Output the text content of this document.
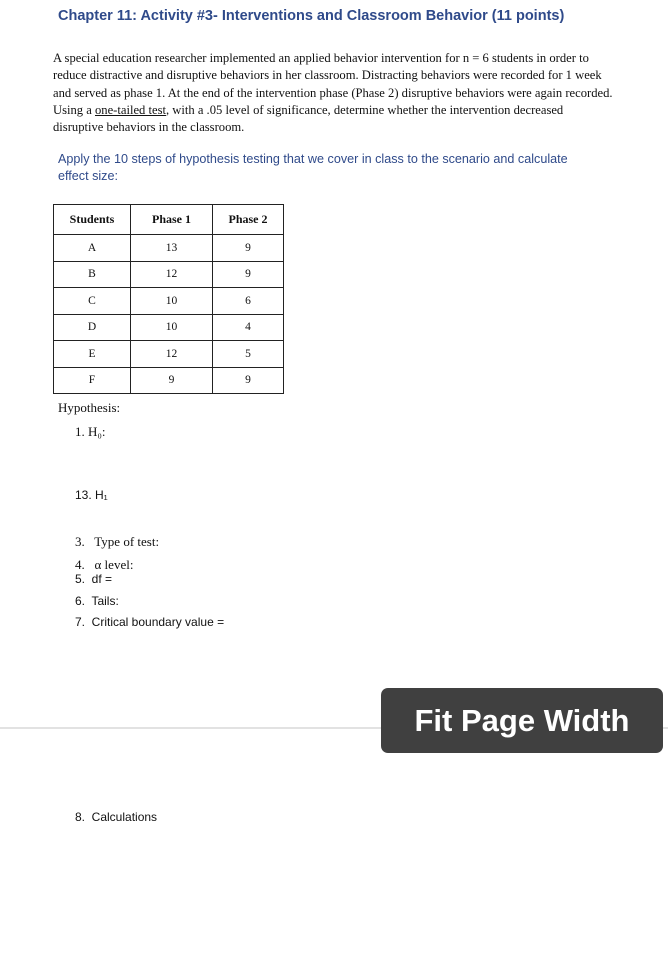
Chapter 11: Activity #3- Interventions and Classroom Behavior (11 points)
A special education researcher implemented an applied behavior intervention for n = 6 students in order to reduce distractive and disruptive behaviors in her classroom. Distracting behaviors were recorded for 1 week and served as phase 1. At the end of the intervention phase (Phase 2) disruptive behaviors were again recorded. Using a one-tailed test, with a .05 level of significance, determine whether the intervention decreased disruptive behaviors in the classroom.
Apply the 10 steps of hypothesis testing that we cover in class to the scenario and calculate effect size:
Students	Phase 1	Phase 2
A	13	9
B	12	9
C	10	6
D	10	4
E	12	5
F	9	9
Hypothesis:
1. H₀:
13. H₁
3.   Type of test:
4.   α level:
5.  df =
6.  Tails:
7.  Critical boundary value =
Fit Page Width
8.  Calculations
